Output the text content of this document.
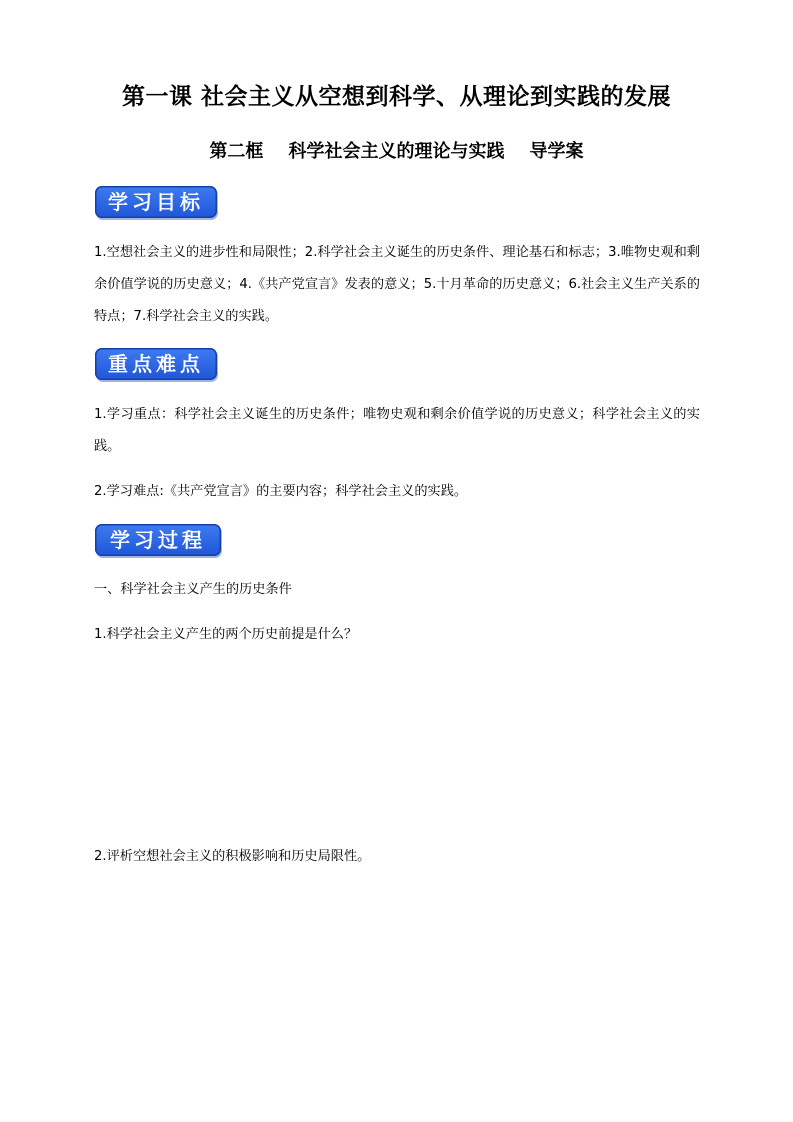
第一课 社会主义从空想到科学、从理论到实践的发展
第二框    科学社会主义的理论与实践    导学案
学习目标
1.空想社会主义的进步性和局限性；2.科学社会主义诞生的历史条件、理论基石和标志；3.唯物史观和剩余价值学说的历史意义；4.《共产党宣言》发表的意义；5.十月革命的历史意义；6.社会主义生产关系的特点；7.科学社会主义的实践。
重点难点
1.学习重点：科学社会主义诞生的历史条件；唯物史观和剩余价值学说的历史意义；科学社会主义的实践。
2.学习难点:《共产党宣言》的主要内容；科学社会主义的实践。
学习过程
一、科学社会主义产生的历史条件
1.科学社会主义产生的两个历史前提是什么？
2.评析空想社会主义的积极影响和历史局限性。
